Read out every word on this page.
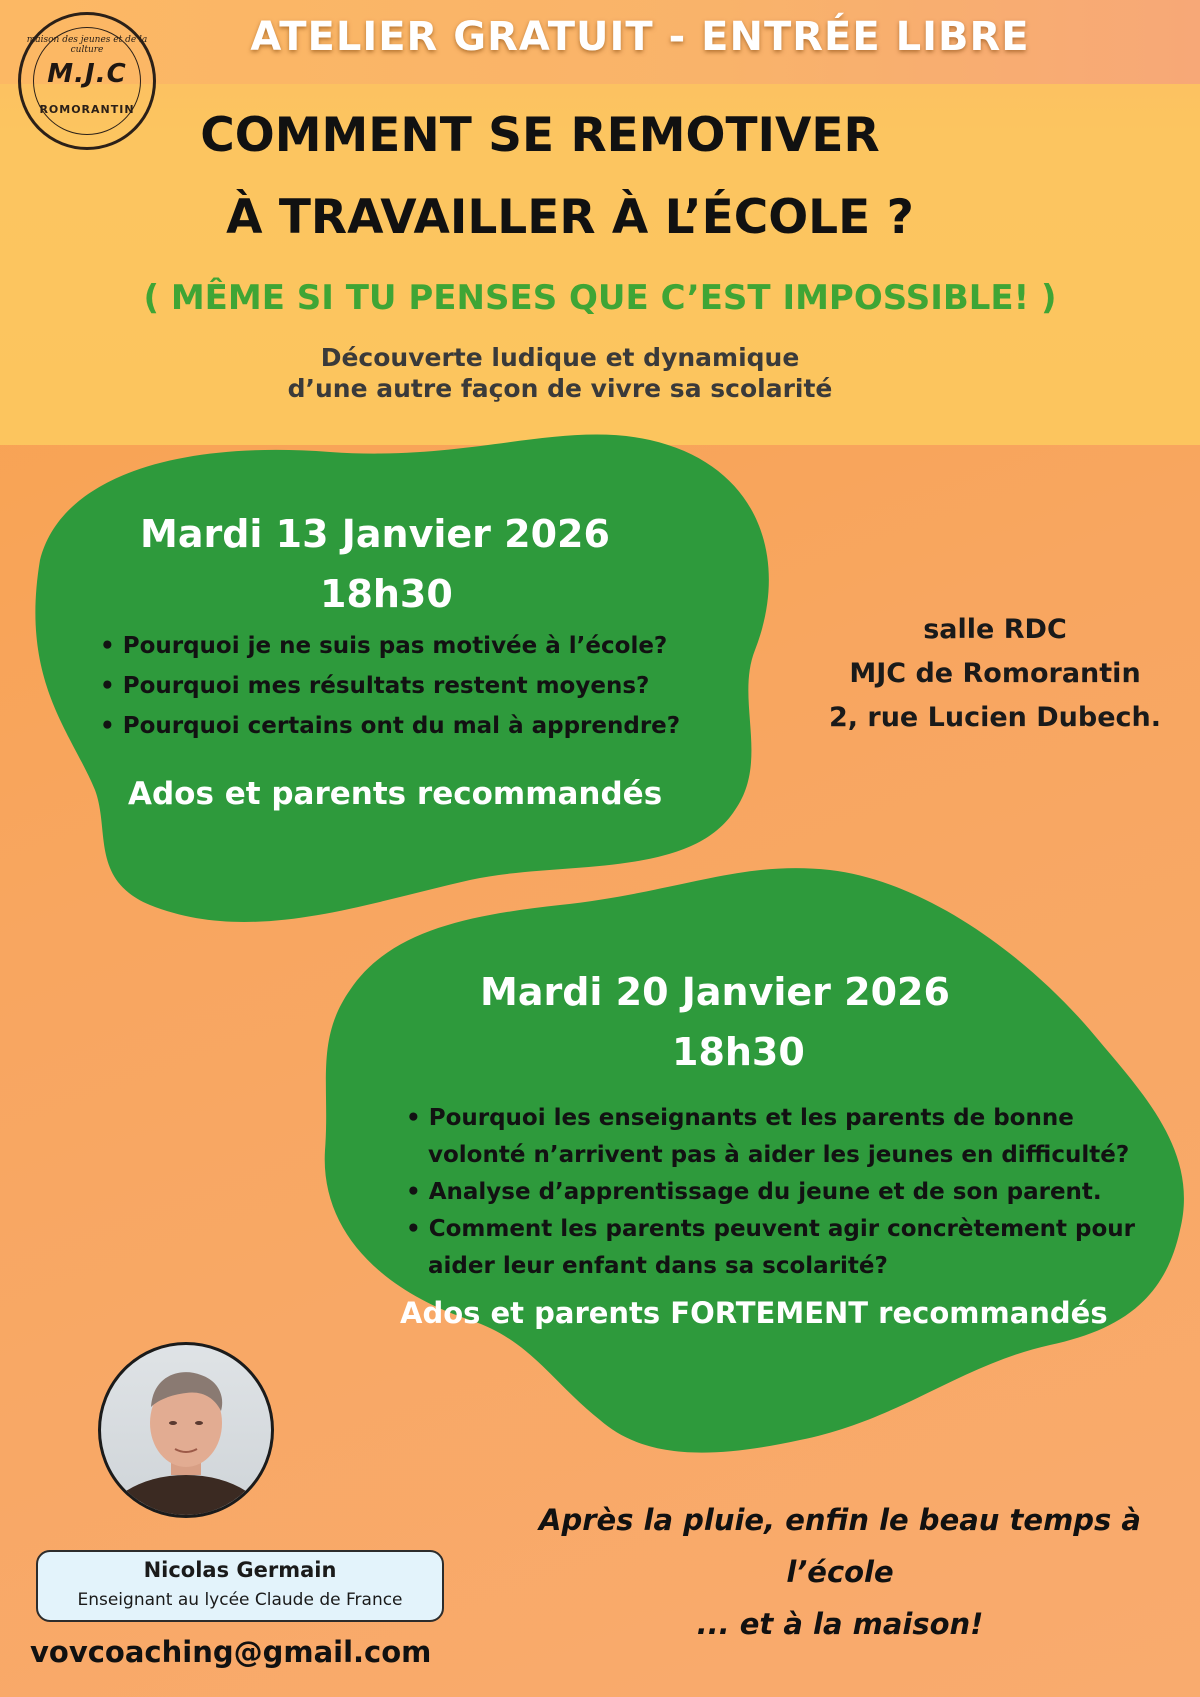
maison des jeunes et de la culture
M.J.C
ROMORANTIN
ATELIER GRATUIT - ENTRÉE LIBRE
COMMENT SE REMOTIVER
À TRAVAILLER À L’ÉCOLE ?
( MÊME SI TU PENSES QUE C’EST IMPOSSIBLE! )
Découverte ludique et dynamique
d’une autre façon de vivre sa scolarité
Mardi 13 Janvier 2026
18h30
• Pourquoi je ne suis pas motivée à l’école?
• Pourquoi mes résultats restent moyens?
• Pourquoi certains ont du mal à apprendre?
Ados et parents recommandés
salle RDC
MJC de Romorantin
2, rue Lucien Dubech.
Mardi 20 Janvier 2026
18h30
• Pourquoi les enseignants et les parents de bonne volonté n’arrivent pas à aider les jeunes en difficulté?
• Analyse d’apprentissage du jeune et de son parent.
• Comment les parents peuvent agir concrètement pour aider leur enfant dans sa scolarité?
Ados et parents FORTEMENT recommandés
Nicolas Germain
Enseignant au lycée Claude de France
vovcoaching@gmail.com
Après la pluie, enfin le beau temps à l’école
... et à la maison!
